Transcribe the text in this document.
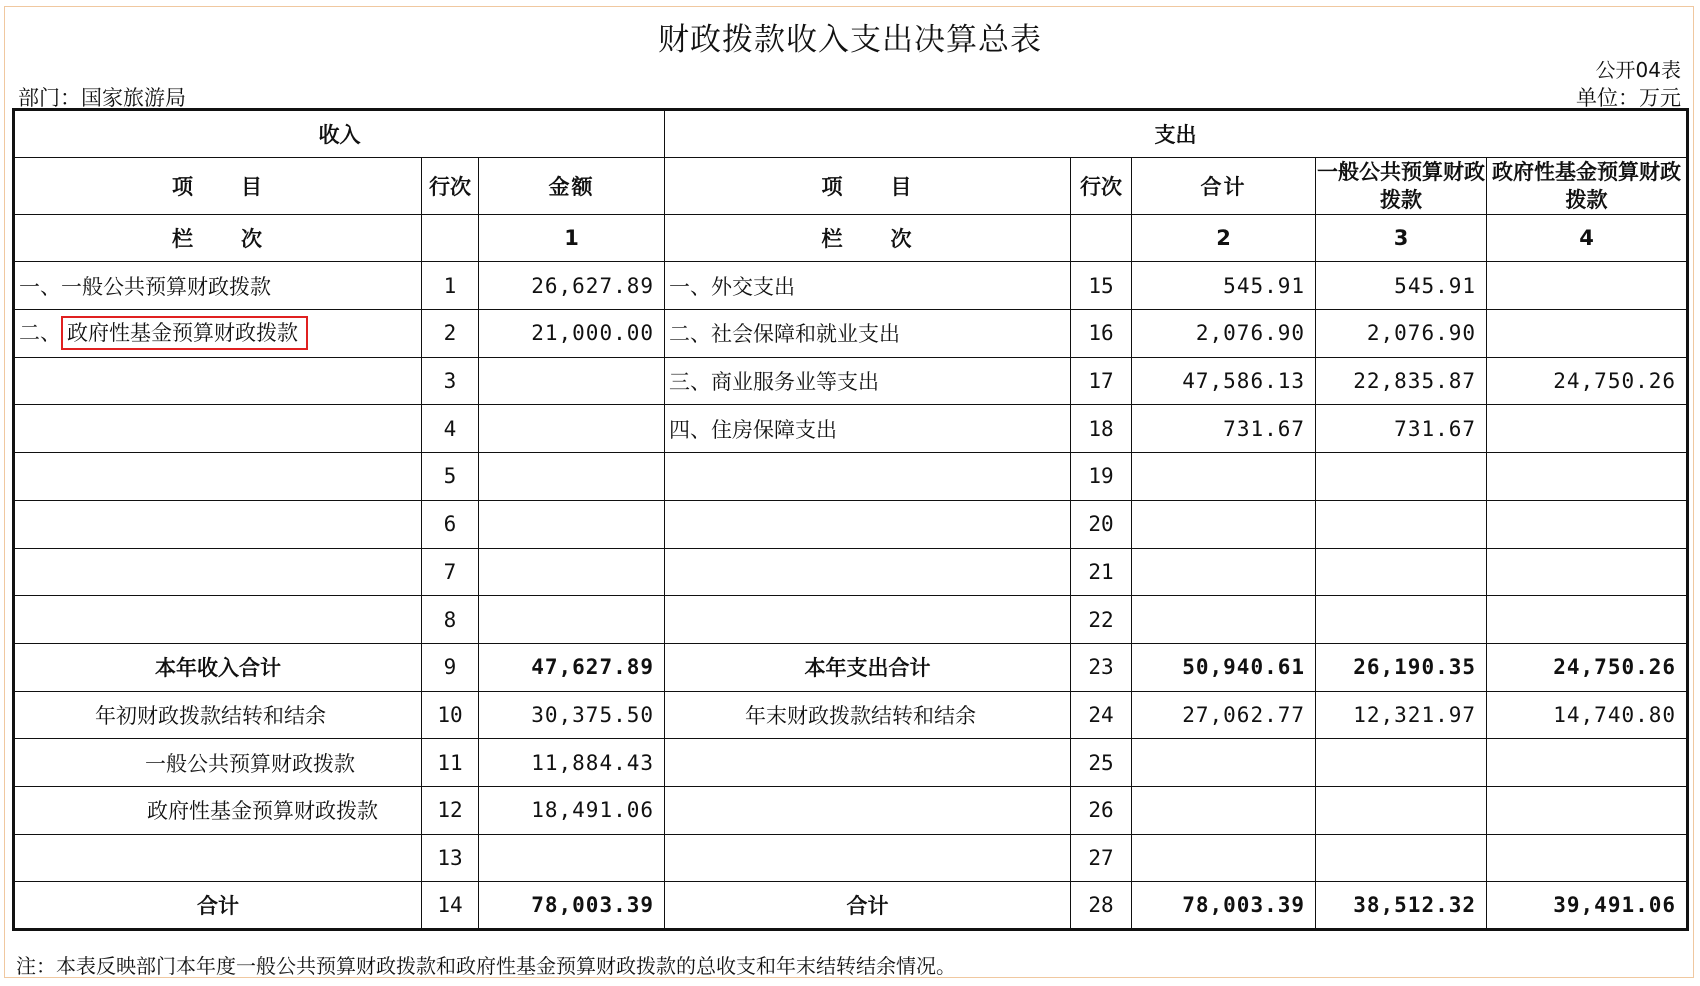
财政拨款收入支出决算总表
公开04表
部门：国家旅游局	单位：万元
收入			支出				
项　　目	行次	金额	项　　目	行次	合计	一般公共预算财政拨款	政府性基金预算财政拨款
栏　　次		1	栏　　次		2	3	4
一、一般公共预算财政拨款	1	26,627.89	一、外交支出	15	545.91	545.91	
二、 政府性基金预算财政拨款	2	21,000.00	二、社会保障和就业支出	16	2,076.90	2,076.90	
	3		三、商业服务业等支出	17	47,586.13	22,835.87	24,750.26
	4		四、住房保障支出	18	731.67	731.67	
	5			19			
	6			20			
	7			21			
	8			22			
本年收入合计	9	47,627.89	本年支出合计	23	50,940.61	26,190.35	24,750.26
年初财政拨款结转和结余	10	30,375.50	年末财政拨款结转和结余	24	27,062.77	12,321.97	14,740.80
一般公共预算财政拨款	11	11,884.43		25			
政府性基金预算财政拨款	12	18,491.06		26			
	13			27			
合计	14	78,003.39	合计	28	78,003.39	38,512.32	39,491.06
注：本表反映部门本年度一般公共预算财政拨款和政府性基金预算财政拨款的总收支和年末结转结余情况。
